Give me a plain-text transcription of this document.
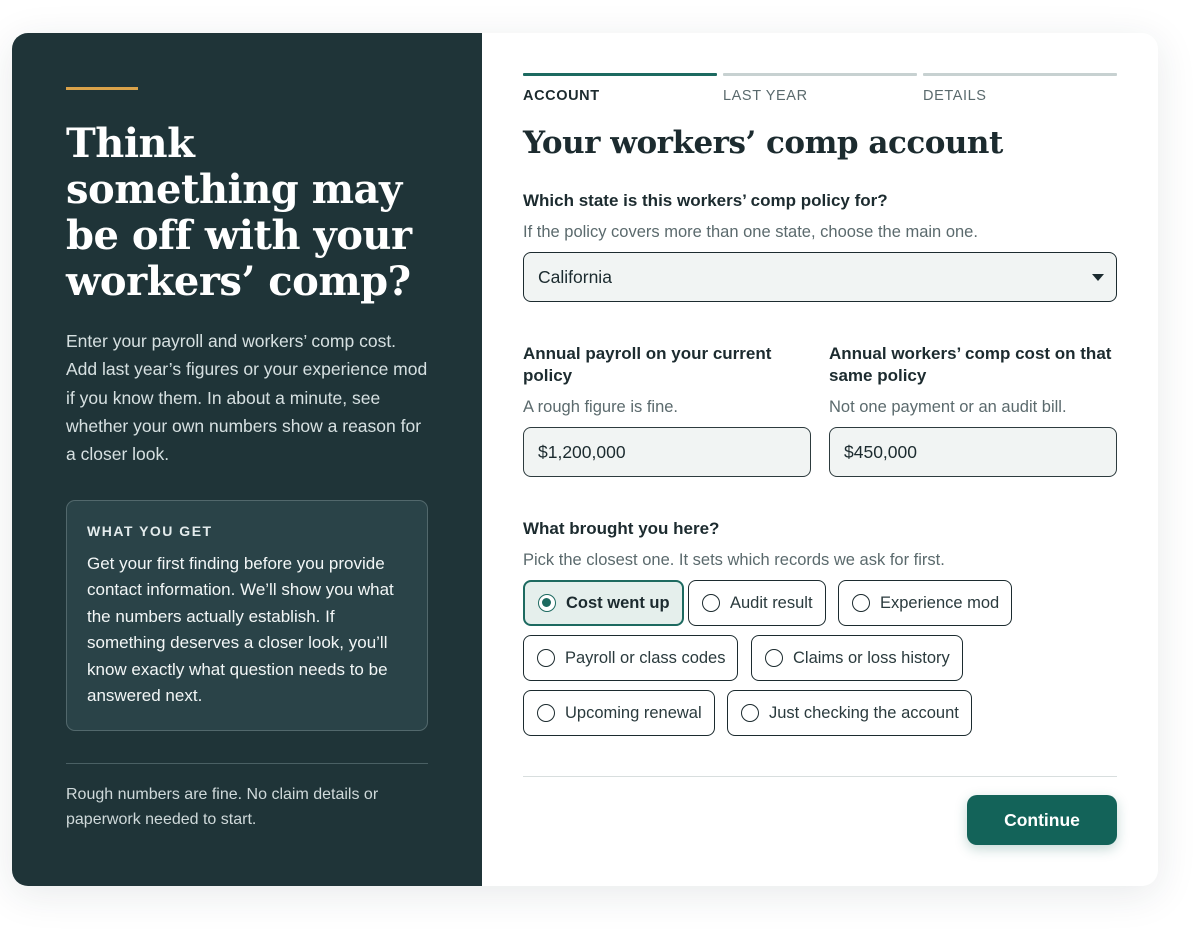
Think something may be off with your workers’ comp?

Enter your payroll and workers’ comp cost. Add last year’s figures or your experience mod if you know them. In about a minute, see whether your own numbers show a reason for a closer look.

WHAT YOU GET

Get your first finding before you provide contact information. We’ll show you what the numbers actually establish. If something deserves a closer look, you’ll know exactly what question needs to be answered next.

Rough numbers are fine. No claim details or paperwork needed to start.

ACCOUNT	LAST YEAR	DETAILS
Your workers’ comp account
Which state is this workers’ comp policy for?
If the policy covers more than one state, choose the main one.
California
Annual payroll on your current policy
A rough figure is fine.
$1,200,000
Annual workers’ comp cost on that same policy
Not one payment or an audit bill.
$450,000
What brought you here?
Pick the closest one. It sets which records we ask for first.
Cost went up	Audit result	Experience mod
Payroll or class codes	Claims or loss history
Upcoming renewal	Just checking the account
Continue
